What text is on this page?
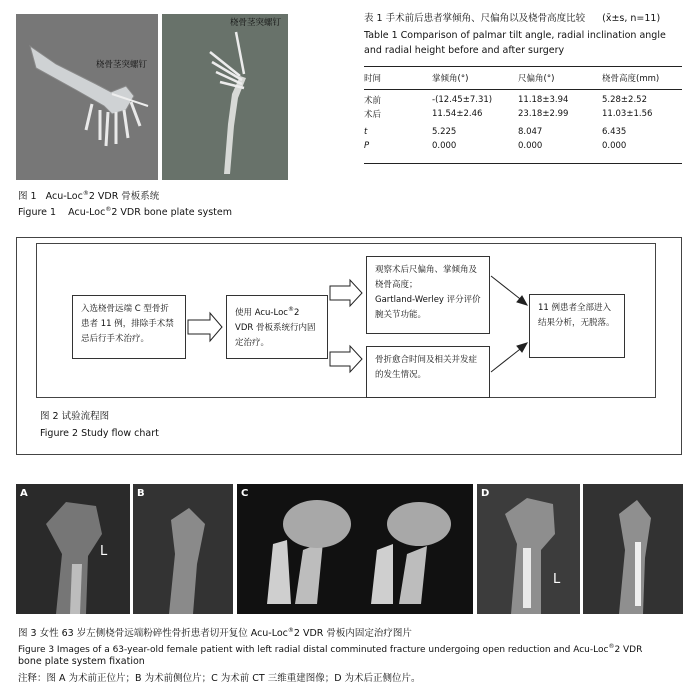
桡骨茎突螺钉
桡骨茎突螺钉
图 1 Acu-Loc®2 VDR 骨板系统
Figure 1 Acu-Loc®2 VDR bone plate system
表 1 手术前后患者掌倾角、尺偏角以及桡骨高度比较 (x̄±s, n=11)
Table 1 Comparison of palmar tilt angle, radial inclination angle
and radial height before and after surgery
时间	掌倾角(°)	尺偏角(°)	桡骨高度(mm)

术前	-(12.45±7.31)	11.18±3.94	5.28±2.52
术后	11.54±2.46	23.18±2.99	11.03±1.56

t	5.225	8.047	6.435
P	0.000	0.000	0.000
入选桡骨远端 C 型骨折患者 11 例，排除手术禁忌后行手术治疗。
使用 Acu-Loc®2 VDR 骨板系统行内固定治疗。
观察术后尺偏角、掌倾角及桡骨高度；
Gartland-Werley 评分评价腕关节功能。
骨折愈合时间及相关并发症的发生情况。
11 例患者全部进入结果分析，无脱落。
图 2 试验流程图
Figure 2 Study flow chart
A
L
B	C	D
L
图 3 女性 63 岁左侧桡骨远端粉碎性骨折患者切开复位 Acu-Loc®2 VDR 骨板内固定治疗图片
Figure 3 Images of a 63-year-old female patient with left radial distal comminuted fracture undergoing open reduction and Acu-Loc®2 VDR
bone plate system fixation
注释：图 A 为术前正位片；B 为术前侧位片；C 为术前 CT 三维重建图像；D 为术后正侧位片。
